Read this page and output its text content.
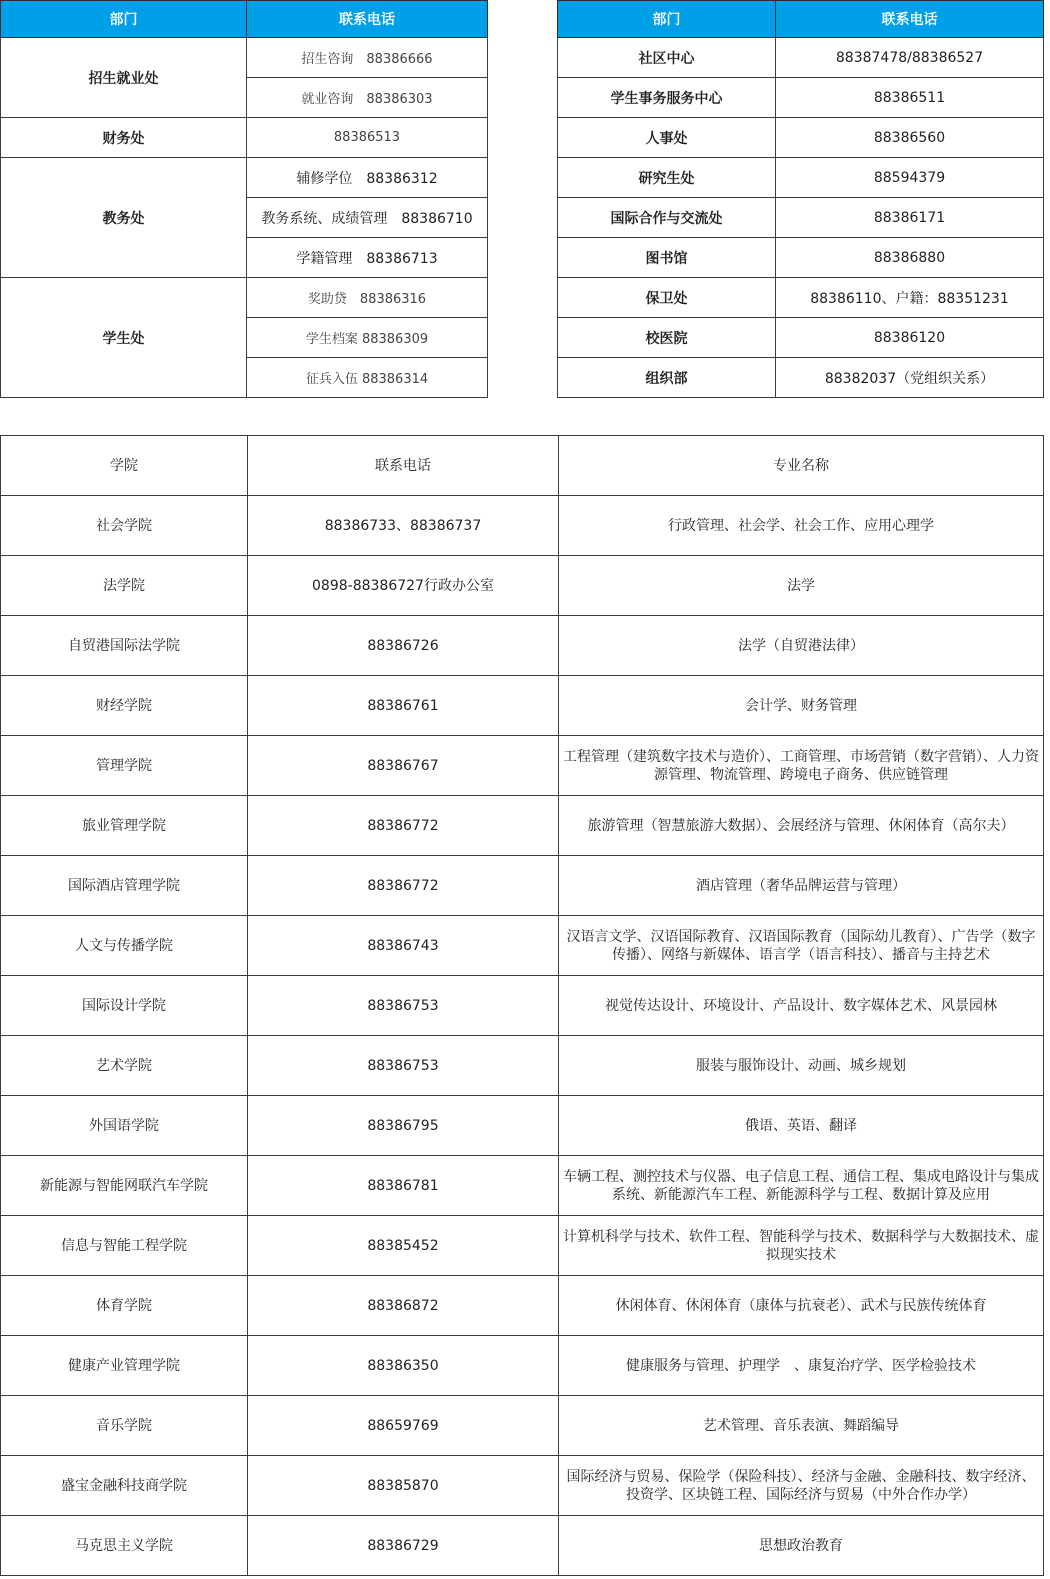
部门	联系电话
招生就业处	招生咨询　88386666
	就业咨询　88386303
财务处	88386513
教务处	辅修学位　88386312
	教务系统、成绩管理　88386710
	学籍管理　88386713
学生处	奖助贷　88386316
	学生档案 88386309
	征兵入伍 88386314
部门	联系电话
社区中心	88387478/88386527
学生事务服务中心	88386511
人事处	88386560
研究生处	88594379
国际合作与交流处	88386171
图书馆	88386880
保卫处	88386110、户籍：88351231
校医院	88386120
组织部	88382037（党组织关系）
学院	联系电话	专业名称
社会学院	88386733、88386737	行政管理、社会学、社会工作、应用心理学
法学院	0898-88386727行政办公室	法学
自贸港国际法学院	88386726	法学（自贸港法律）
财经学院	88386761	会计学、财务管理
管理学院	88386767	工程管理（建筑数字技术与造价）、工商管理、市场营销（数字营销）、人力资源管理、物流管理、跨境电子商务、供应链管理
旅业管理学院	88386772	旅游管理（智慧旅游大数据）、会展经济与管理、休闲体育（高尔夫）
国际酒店管理学院	88386772	酒店管理（奢华品牌运营与管理）
人文与传播学院	88386743	汉语言文学、汉语国际教育、汉语国际教育（国际幼儿教育）、广告学（数字传播）、网络与新媒体、语言学（语言科技）、播音与主持艺术
国际设计学院	88386753	视觉传达设计、环境设计、产品设计、数字媒体艺术、风景园林
艺术学院	88386753	服装与服饰设计、动画、城乡规划
外国语学院	88386795	俄语、英语、翻译
新能源与智能网联汽车学院	88386781	车辆工程、测控技术与仪器、电子信息工程、通信工程、集成电路设计与集成系统、新能源汽车工程、新能源科学与工程、数据计算及应用
信息与智能工程学院	88385452	计算机科学与技术、软件工程、智能科学与技术、数据科学与大数据技术、虚拟现实技术
体育学院	88386872	休闲体育、休闲体育（康体与抗衰老）、武术与民族传统体育
健康产业管理学院	88386350	健康服务与管理、护理学　、康复治疗学、医学检验技术
音乐学院	88659769	艺术管理、音乐表演、舞蹈编导
盛宝金融科技商学院	88385870	国际经济与贸易、保险学（保险科技）、经济与金融、金融科技、数字经济、投资学、区块链工程、国际经济与贸易（中外合作办学）
马克思主义学院	88386729	思想政治教育
